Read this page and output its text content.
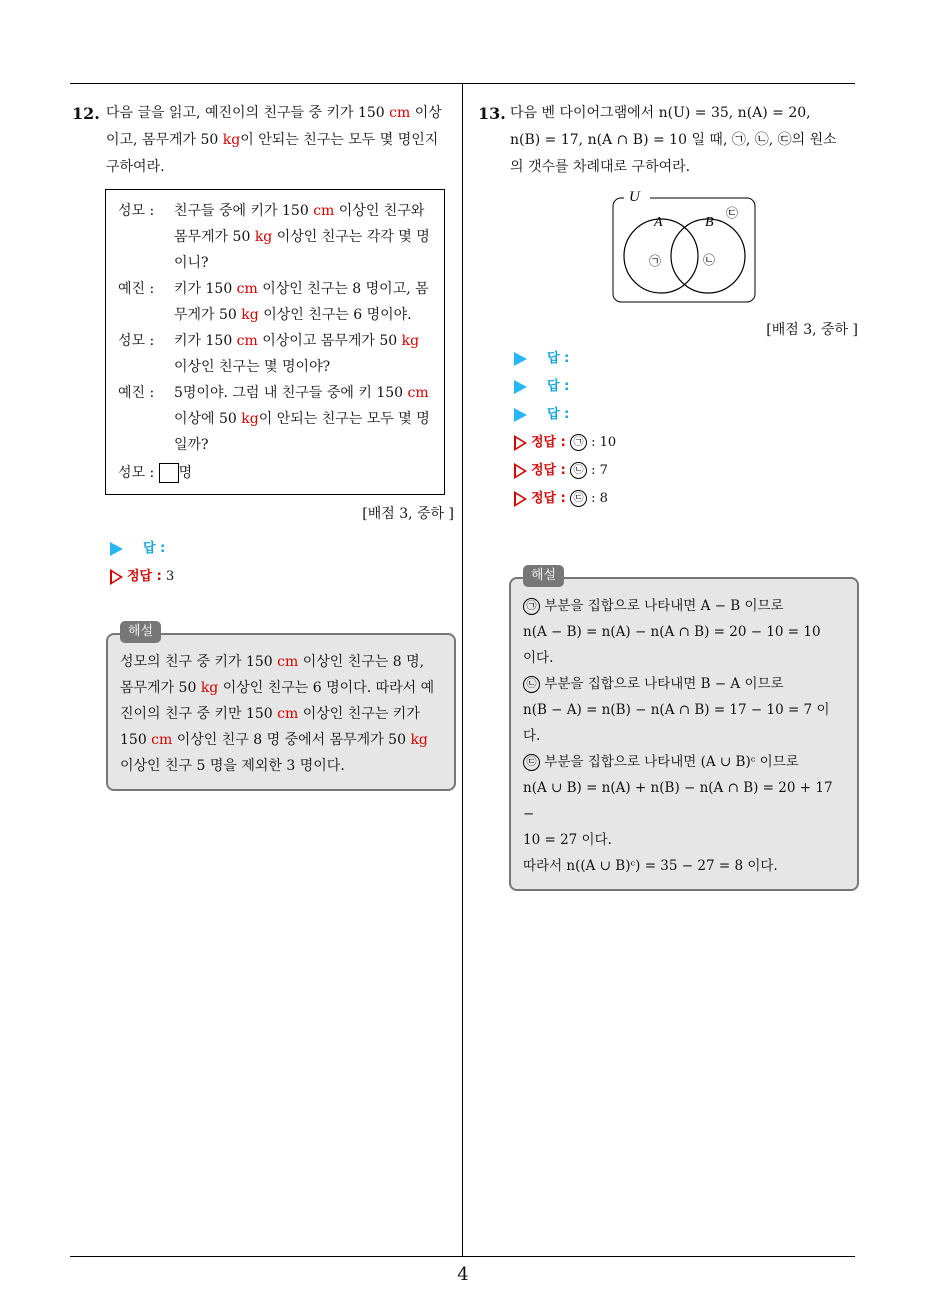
12. 다음 글을 읽고, 예진이의 친구들 중 키가 150 cm 이상이고, 몸무게가 50 kg이 안되는 친구는 모두 몇 명인지 구하여라.
성모 :	친구들 중에 키가 150 cm 이상인 친구와 몸무게가 50 kg 이상인 친구는 각각 몇 명이니?
예진 :	키가 150 cm 이상인 친구는 8 명이고, 몸무게가 50 kg 이상인 친구는 6 명이야.
성모 :	키가 150 cm 이상이고 몸무게가 50 kg 이상인 친구는 몇 명이야?
예진 :	5명이야. 그럼 내 친구들 중에 키 150 cm 이상에 50 kg이 안되는 친구는 모두 몇 명일까?
성모 : 명
[배점 3, 중하 ]
답 :
정답 : 3
해설
성모의 친구 중 키가 150 cm 이상인 친구는 8 명, 몸무게가 50 kg 이상인 친구는 6 명이다. 따라서 예진이의 친구 중 키만 150 cm 이상인 친구는 키가 150 cm 이상인 친구 8 명 중에서 몸무게가 50 kg 이상인 친구 5 명을 제외한 3 명이다.
13. 다음 벤 다이어그램에서 n(U) = 35, n(A) = 20,
n(B) = 17, n(A ∩ B) = 10 일 때, ㉠, ㉡, ㉢의 원소
의 갯수를 차례대로 구하여라.
U
A	B
㉠	㉡
㉢
[배점 3, 중하 ]
답 :
답 :
답 :
정답 : ㉠ : 10
정답 : ㉡ : 7
정답 : ㉢ : 8
해설
㉠ 부분을 집합으로 나타내면 A − B 이므로
n(A − B) = n(A) − n(A ∩ B) = 20 − 10 = 10
이다.
㉡ 부분을 집합으로 나타내면 B − A 이므로
n(B − A) = n(B) − n(A ∩ B) = 17 − 10 = 7 이다.
㉢ 부분을 집합으로 나타내면 (A ∪ B)ᶜ 이므로
n(A ∪ B) = n(A) + n(B) − n(A ∩ B) = 20 + 17 −
10 = 27 이다.
따라서 n((A ∪ B)ᶜ) = 35 − 27 = 8 이다.
4
